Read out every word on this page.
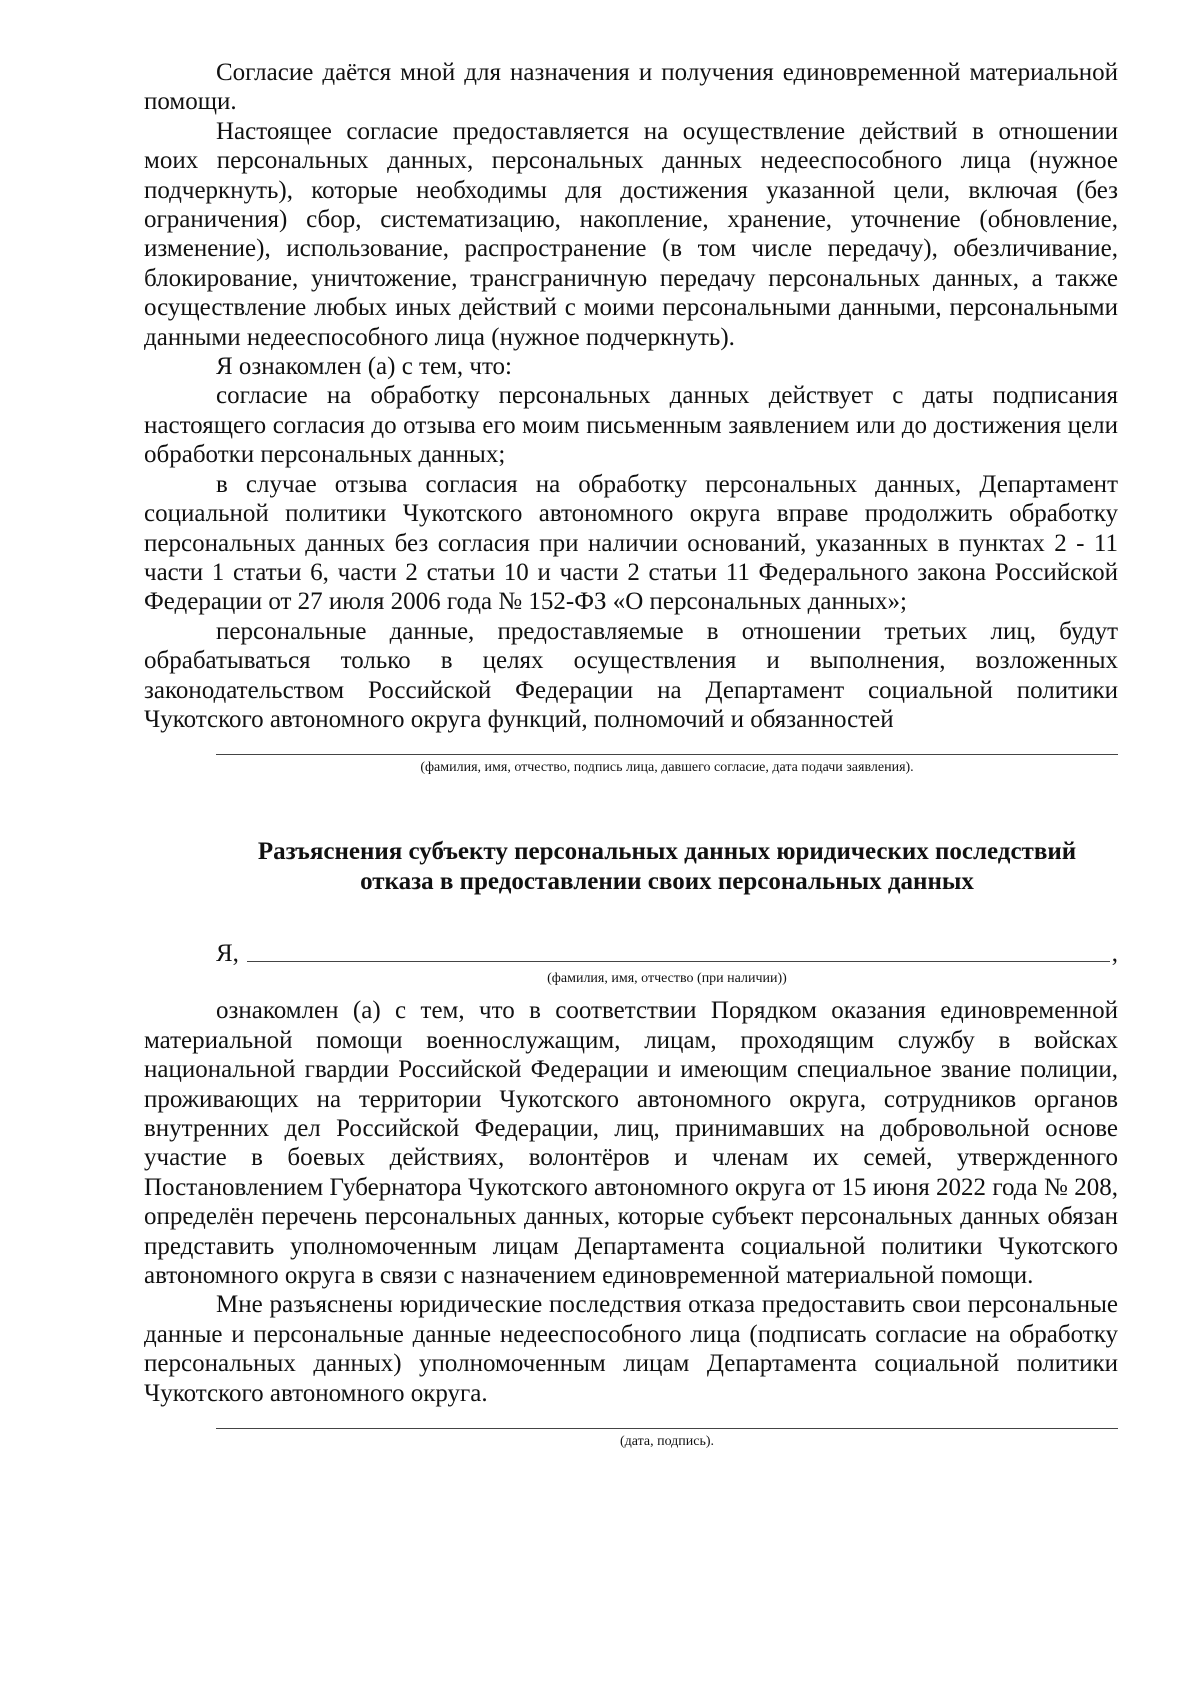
Согласие даётся мной для назначения и получения единовременной материальной помощи.

Настоящее согласие предоставляется на осуществление действий в отношении моих персональных данных, персональных данных недееспособного лица (нужное подчеркнуть), которые необходимы для достижения указанной цели, включая (без ограничения) сбор, систематизацию, накопление, хранение, уточнение (обновление, изменение), использование, распространение (в том числе передачу), обезличивание, блокирование, уничтожение, трансграничную передачу персональных данных, а также осуществление любых иных действий с моими персональными данными, персональными данными недееспособного лица (нужное подчеркнуть).

Я ознакомлен (а) с тем, что:

согласие на обработку персональных данных действует с даты подписания настоящего согласия до отзыва его моим письменным заявлением или до достижения цели обработки персональных данных;

в случае отзыва согласия на обработку персональных данных, Департамент социальной политики Чукотского автономного округа вправе продолжить обработку персональных данных без согласия при наличии оснований, указанных в пунктах 2 - 11 части 1 статьи 6, части 2 статьи 10 и части 2 статьи 11 Федерального закона Российской Федерации от 27 июля 2006 года № 152-ФЗ «О персональных данных»;

персональные данные, предоставляемые в отношении третьих лиц, будут обрабатываться только в целях осуществления и выполнения, возложенных законодательством Российской Федерации на Департамент социальной политики Чукотского автономного округа функций, полномочий и обязанностей

(фамилия, имя, отчество, подпись лица, давшего согласие, дата подачи заявления).

Разъяснения субъекту персональных данных юридических последствий

отказа в предоставлении своих персональных данных

Я,	,
(фамилия, имя, отчество (при наличии))

ознакомлен (а) с тем, что в соответствии Порядком оказания единовременной материальной помощи военнослужащим, лицам, проходящим службу в войсках национальной гвардии Российской Федерации и имеющим специальное звание полиции, проживающих на территории Чукотского автономного округа, сотрудников органов внутренних дел Российской Федерации, лиц, принимавших на добровольной основе участие в боевых действиях, волонтёров и членам их семей, утвержденного Постановлением Губернатора Чукотского автономного округа от 15 июня 2022 года № 208, определён перечень персональных данных, которые субъект персональных данных обязан представить уполномоченным лицам Департамента социальной политики Чукотского автономного округа в связи с назначением единовременной материальной помощи.

Мне разъяснены юридические последствия отказа предоставить свои персональные данные и персональные данные недееспособного лица (подписать согласие на обработку персональных данных) уполномоченным лицам Департамента социальной политики Чукотского автономного округа.

(дата, подпись).
